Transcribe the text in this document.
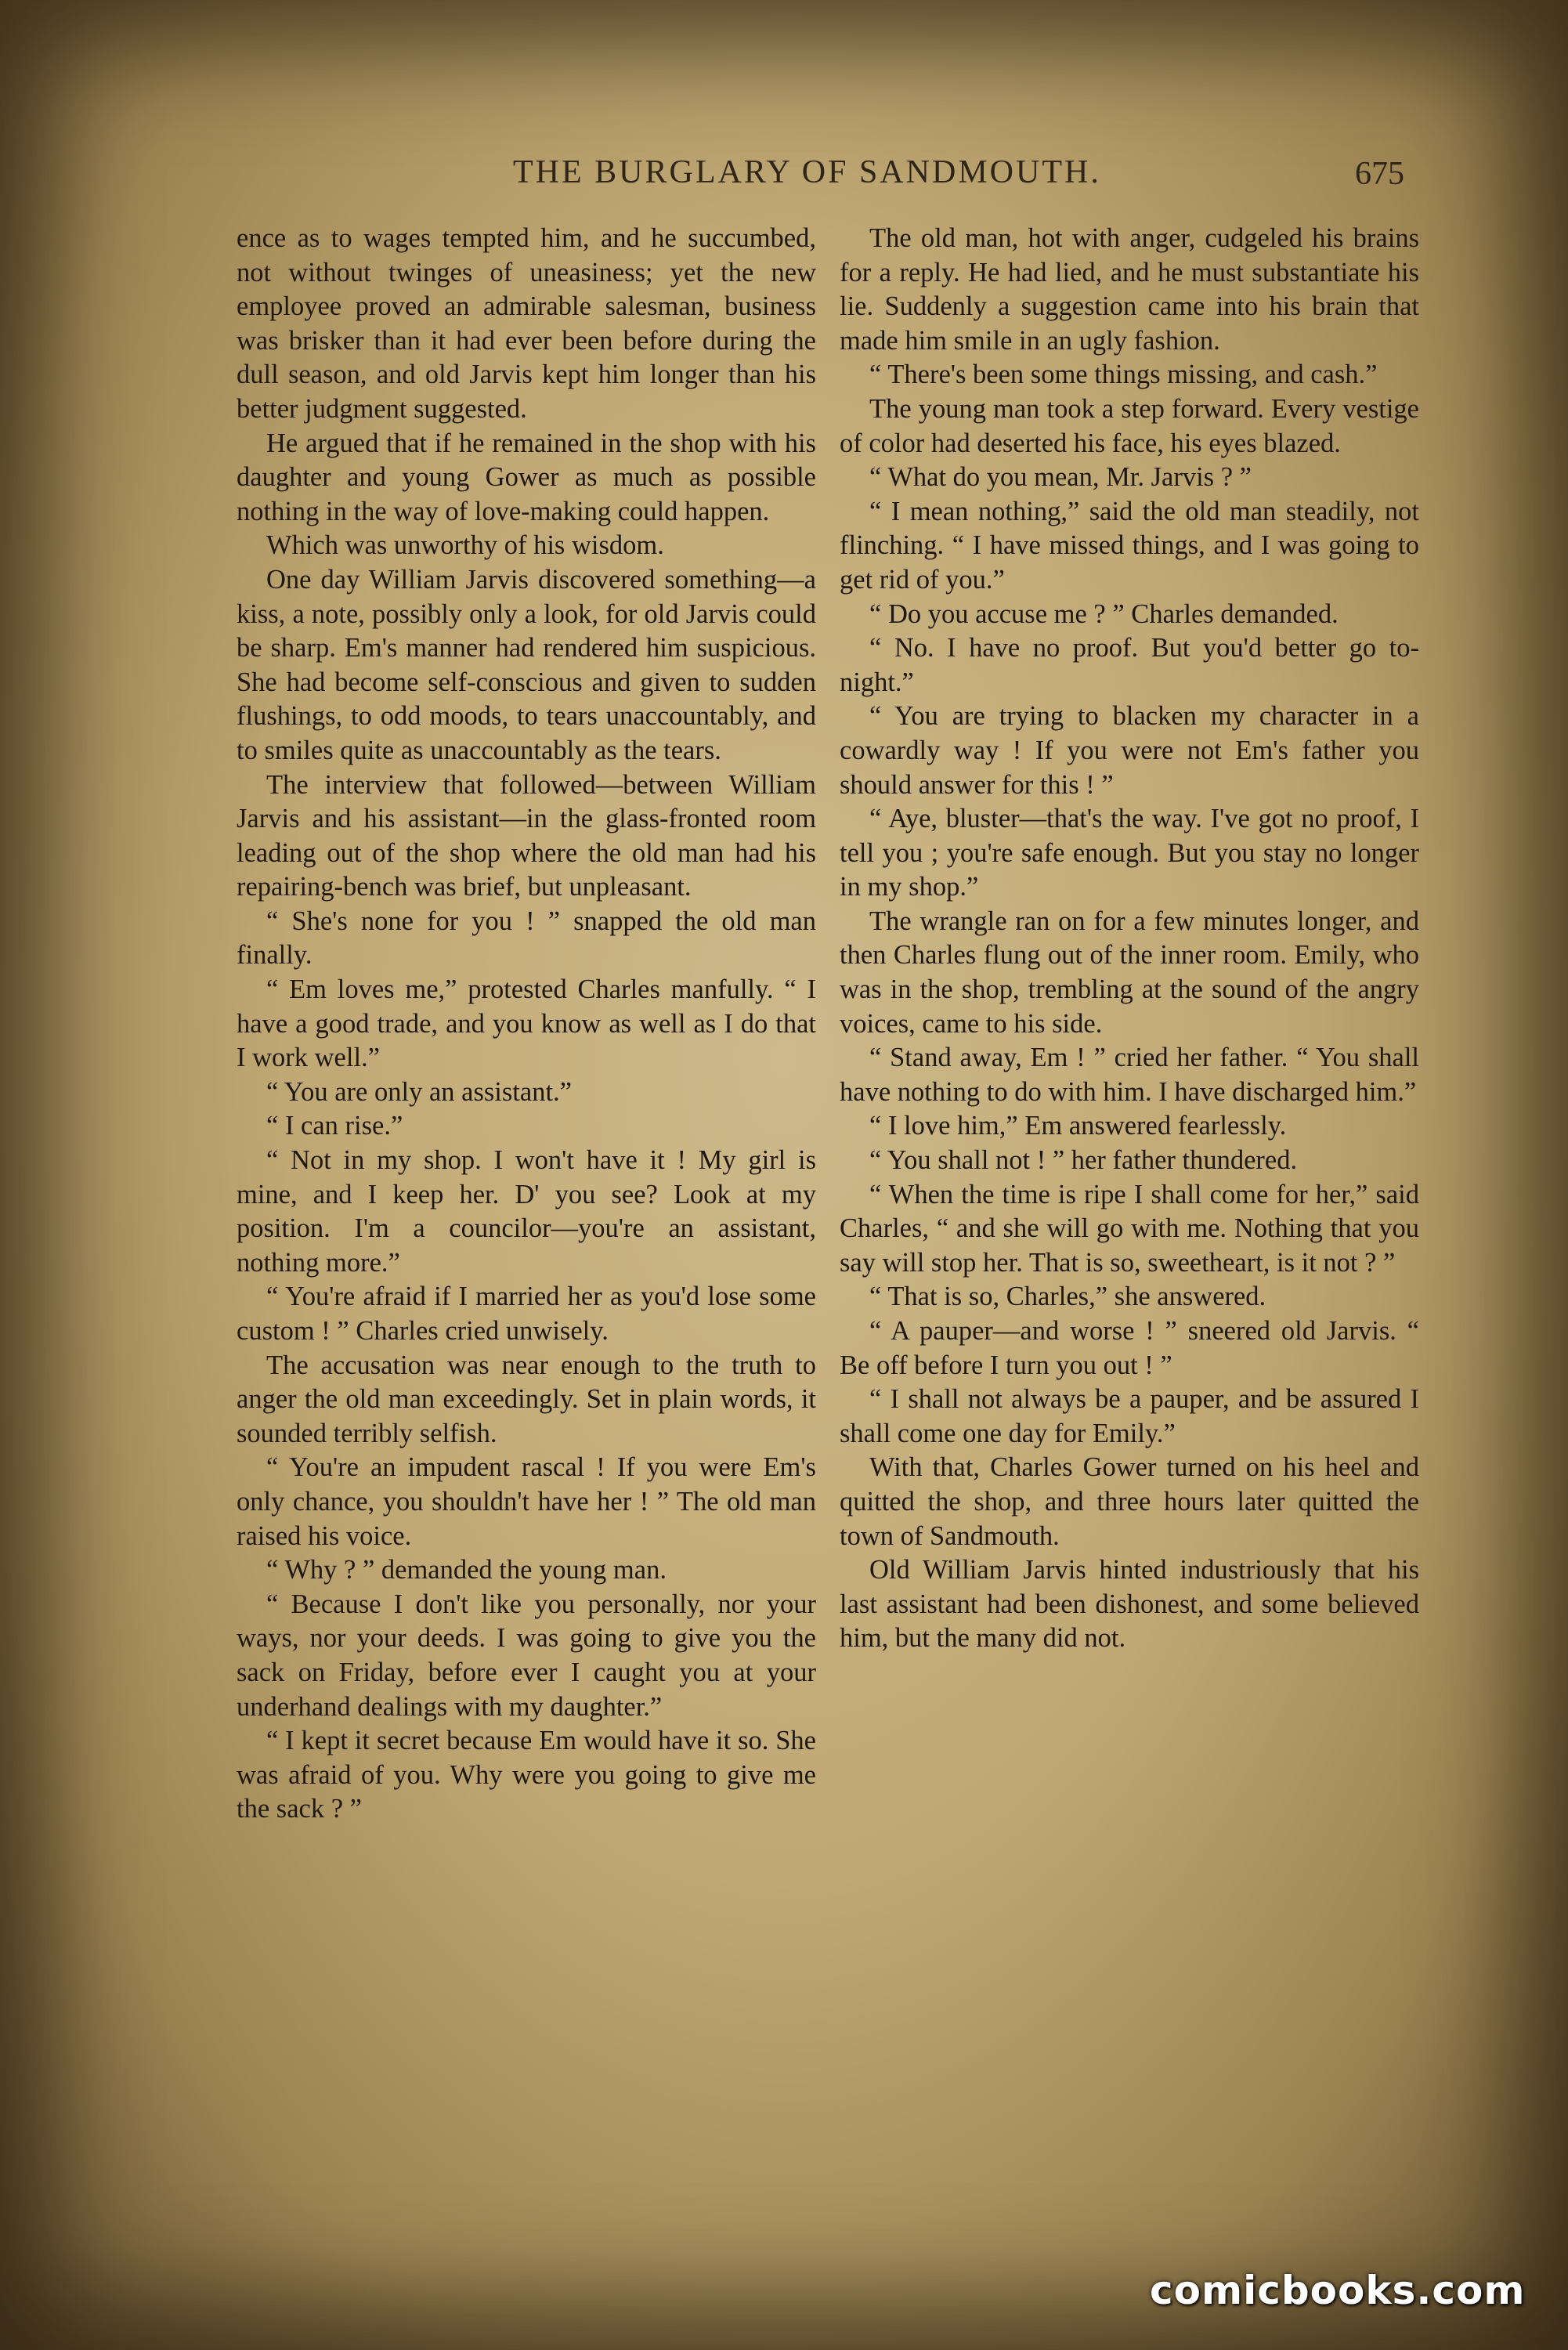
THE BURGLARY OF SANDMOUTH.	675

ence as to wages tempted him, and he succumbed, not without twinges of uneasiness; yet the new employee proved an admirable salesman, business was brisker than it had ever been before during the dull season, and old Jarvis kept him longer than his better judgment suggested.

He argued that if he remained in the shop with his daughter and young Gower as much as possible nothing in the way of love-making could happen.

Which was unworthy of his wisdom.

One day William Jarvis discovered something—a kiss, a note, possibly only a look, for old Jarvis could be sharp. Em's manner had rendered him suspicious. She had become self-conscious and given to sudden flushings, to odd moods, to tears unaccountably, and to smiles quite as unaccountably as the tears.

The interview that followed—between William Jarvis and his assistant—in the glass-fronted room leading out of the shop where the old man had his repairing-bench was brief, but unpleasant.

“ She's none for you ! ” snapped the old man finally.

“ Em loves me,” protested Charles manfully. “ I have a good trade, and you know as well as I do that I work well.”

“ You are only an assistant.”

“ I can rise.”

“ Not in my shop. I won't have it ! My girl is mine, and I keep her. D' you see? Look at my position. I'm a councilor—you're an assistant, nothing more.”

“ You're afraid if I married her as you'd lose some custom ! ” Charles cried unwisely.

The accusation was near enough to the truth to anger the old man exceedingly. Set in plain words, it sounded terribly selfish.

“ You're an impudent rascal ! If you were Em's only chance, you shouldn't have her ! ” The old man raised his voice.

“ Why ? ” demanded the young man.

“ Because I don't like you personally, nor your ways, nor your deeds. I was going to give you the sack on Friday, before ever I caught you at your underhand dealings with my daughter.”

“ I kept it secret because Em would have it so. She was afraid of you. Why were you going to give me the sack ? ”

The old man, hot with anger, cudgeled his brains for a reply. He had lied, and he must substantiate his lie. Suddenly a suggestion came into his brain that made him smile in an ugly fashion.

“ There's been some things missing, and cash.”

The young man took a step forward. Every vestige of color had deserted his face, his eyes blazed.

“ What do you mean, Mr. Jarvis ? ”

“ I mean nothing,” said the old man steadily, not flinching. “ I have missed things, and I was going to get rid of you.”

“ Do you accuse me ? ” Charles demanded.

“ No. I have no proof. But you'd better go to-night.”

“ You are trying to blacken my character in a cowardly way ! If you were not Em's father you should answer for this ! ”

“ Aye, bluster—that's the way. I've got no proof, I tell you ; you're safe enough. But you stay no longer in my shop.”

The wrangle ran on for a few minutes longer, and then Charles flung out of the inner room. Emily, who was in the shop, trembling at the sound of the angry voices, came to his side.

“ Stand away, Em ! ” cried her father. “ You shall have nothing to do with him. I have discharged him.”

“ I love him,” Em answered fearlessly.

“ You shall not ! ” her father thundered.

“ When the time is ripe I shall come for her,” said Charles, “ and she will go with me. Nothing that you say will stop her. That is so, sweetheart, is it not ? ”

“ That is so, Charles,” she answered.

“ A pauper—and worse ! ” sneered old Jarvis. “ Be off before I turn you out ! ”

“ I shall not always be a pauper, and be assured I shall come one day for Emily.”

With that, Charles Gower turned on his heel and quitted the shop, and three hours later quitted the town of Sandmouth.

Old William Jarvis hinted industriously that his last assistant had been dishonest, and some believed him, but the many did not.

comicbooks.com
